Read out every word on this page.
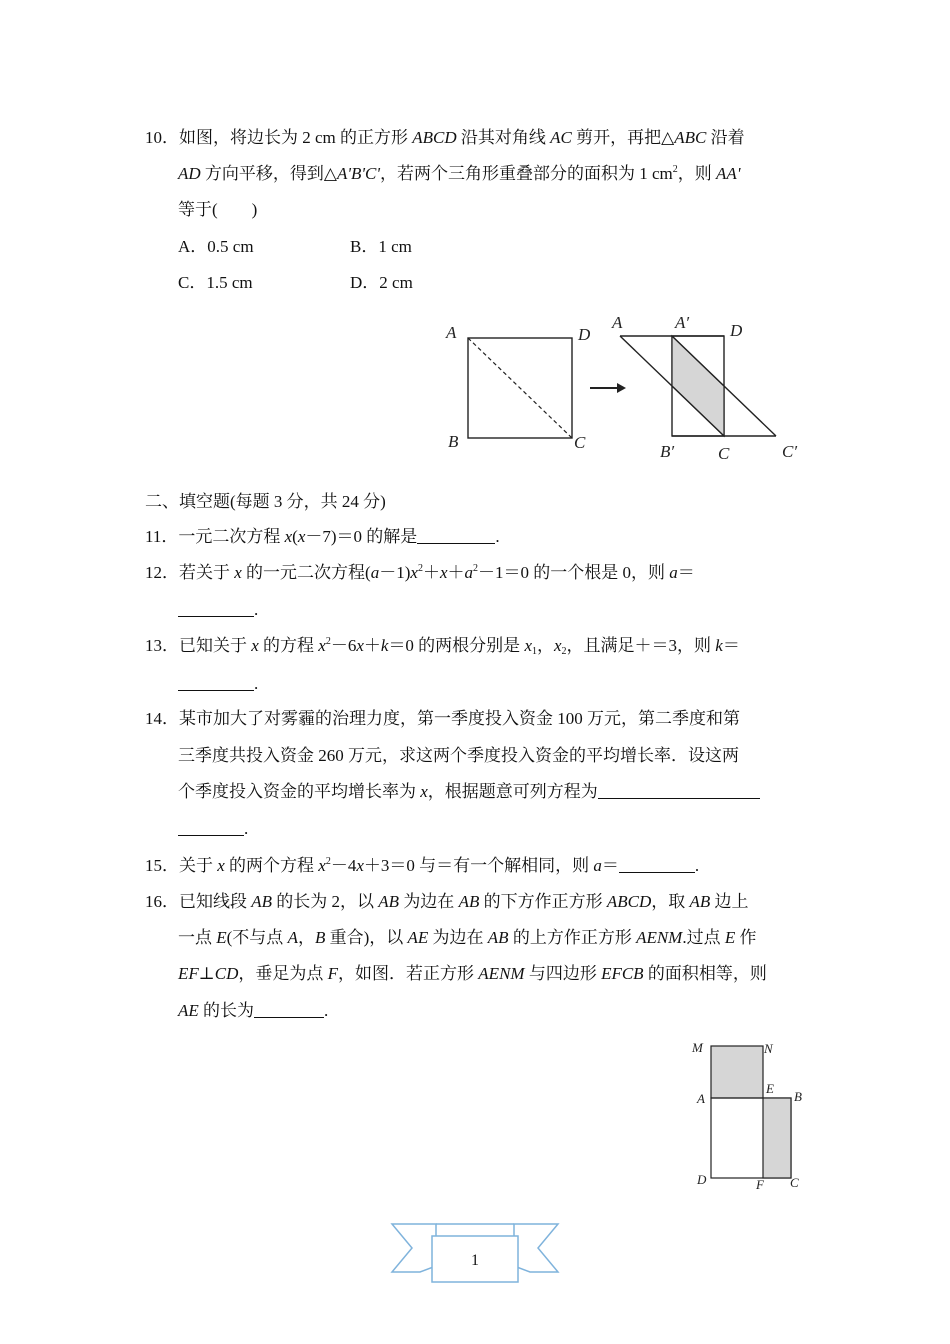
10．如图，将边长为 2 cm 的正方形 ABCD 沿其对角线 AC 剪开，再把△ABC 沿着
AD 方向平移，得到△A'B'C'，若两个三角形重叠部分的面积为 1 $cm^2$，则 AA'
等于(　　)
A．0.5 cm	B．1 cm
C．1.5 cm	D．2 cm
A	D
B	C
A	A′ D
B′	C	C′
二、填空题(每题 3 分，共 24 分)
11．一元二次方程 x(x－7)＝0 的解是	.
12．若关于 x 的一元二次方程$(a-1)x^2+x+a^2-1=0$ 的一个根是 0，则 a＝
.
13．已知关于 x 的方程 $x^2-6x+k=0$ 的两根分别是 $x_1$，$x_2$，且满足＋＝3，则 k＝
.
14．某市加大了对雾霾的治理力度，第一季度投入资金 100 万元，第二季度和第
三季度共投入资金 260 万元，求这两个季度投入资金的平均增长率．设这两
个季度投入资金的平均增长率为 x，根据题意可列方程为
.
15．关于 x 的两个方程 $x^2-4x+3=0$ 与＝有一个解相同，则 a＝	.
16．已知线段 AB 的长为 2，以 AB 为边在 AB 的下方作正方形 ABCD，取 AB 边上
一点 E(不与点 A，B 重合)，以 AE 为边在 AB 的上方作正方形 AENM.过点 E 作
EF⊥CD，垂足为点 F，如图．若正方形 AENM 与四边形 EFCB 的面积相等，则
AE 的长为	.
M	N
A
E
B
D	F C
1
